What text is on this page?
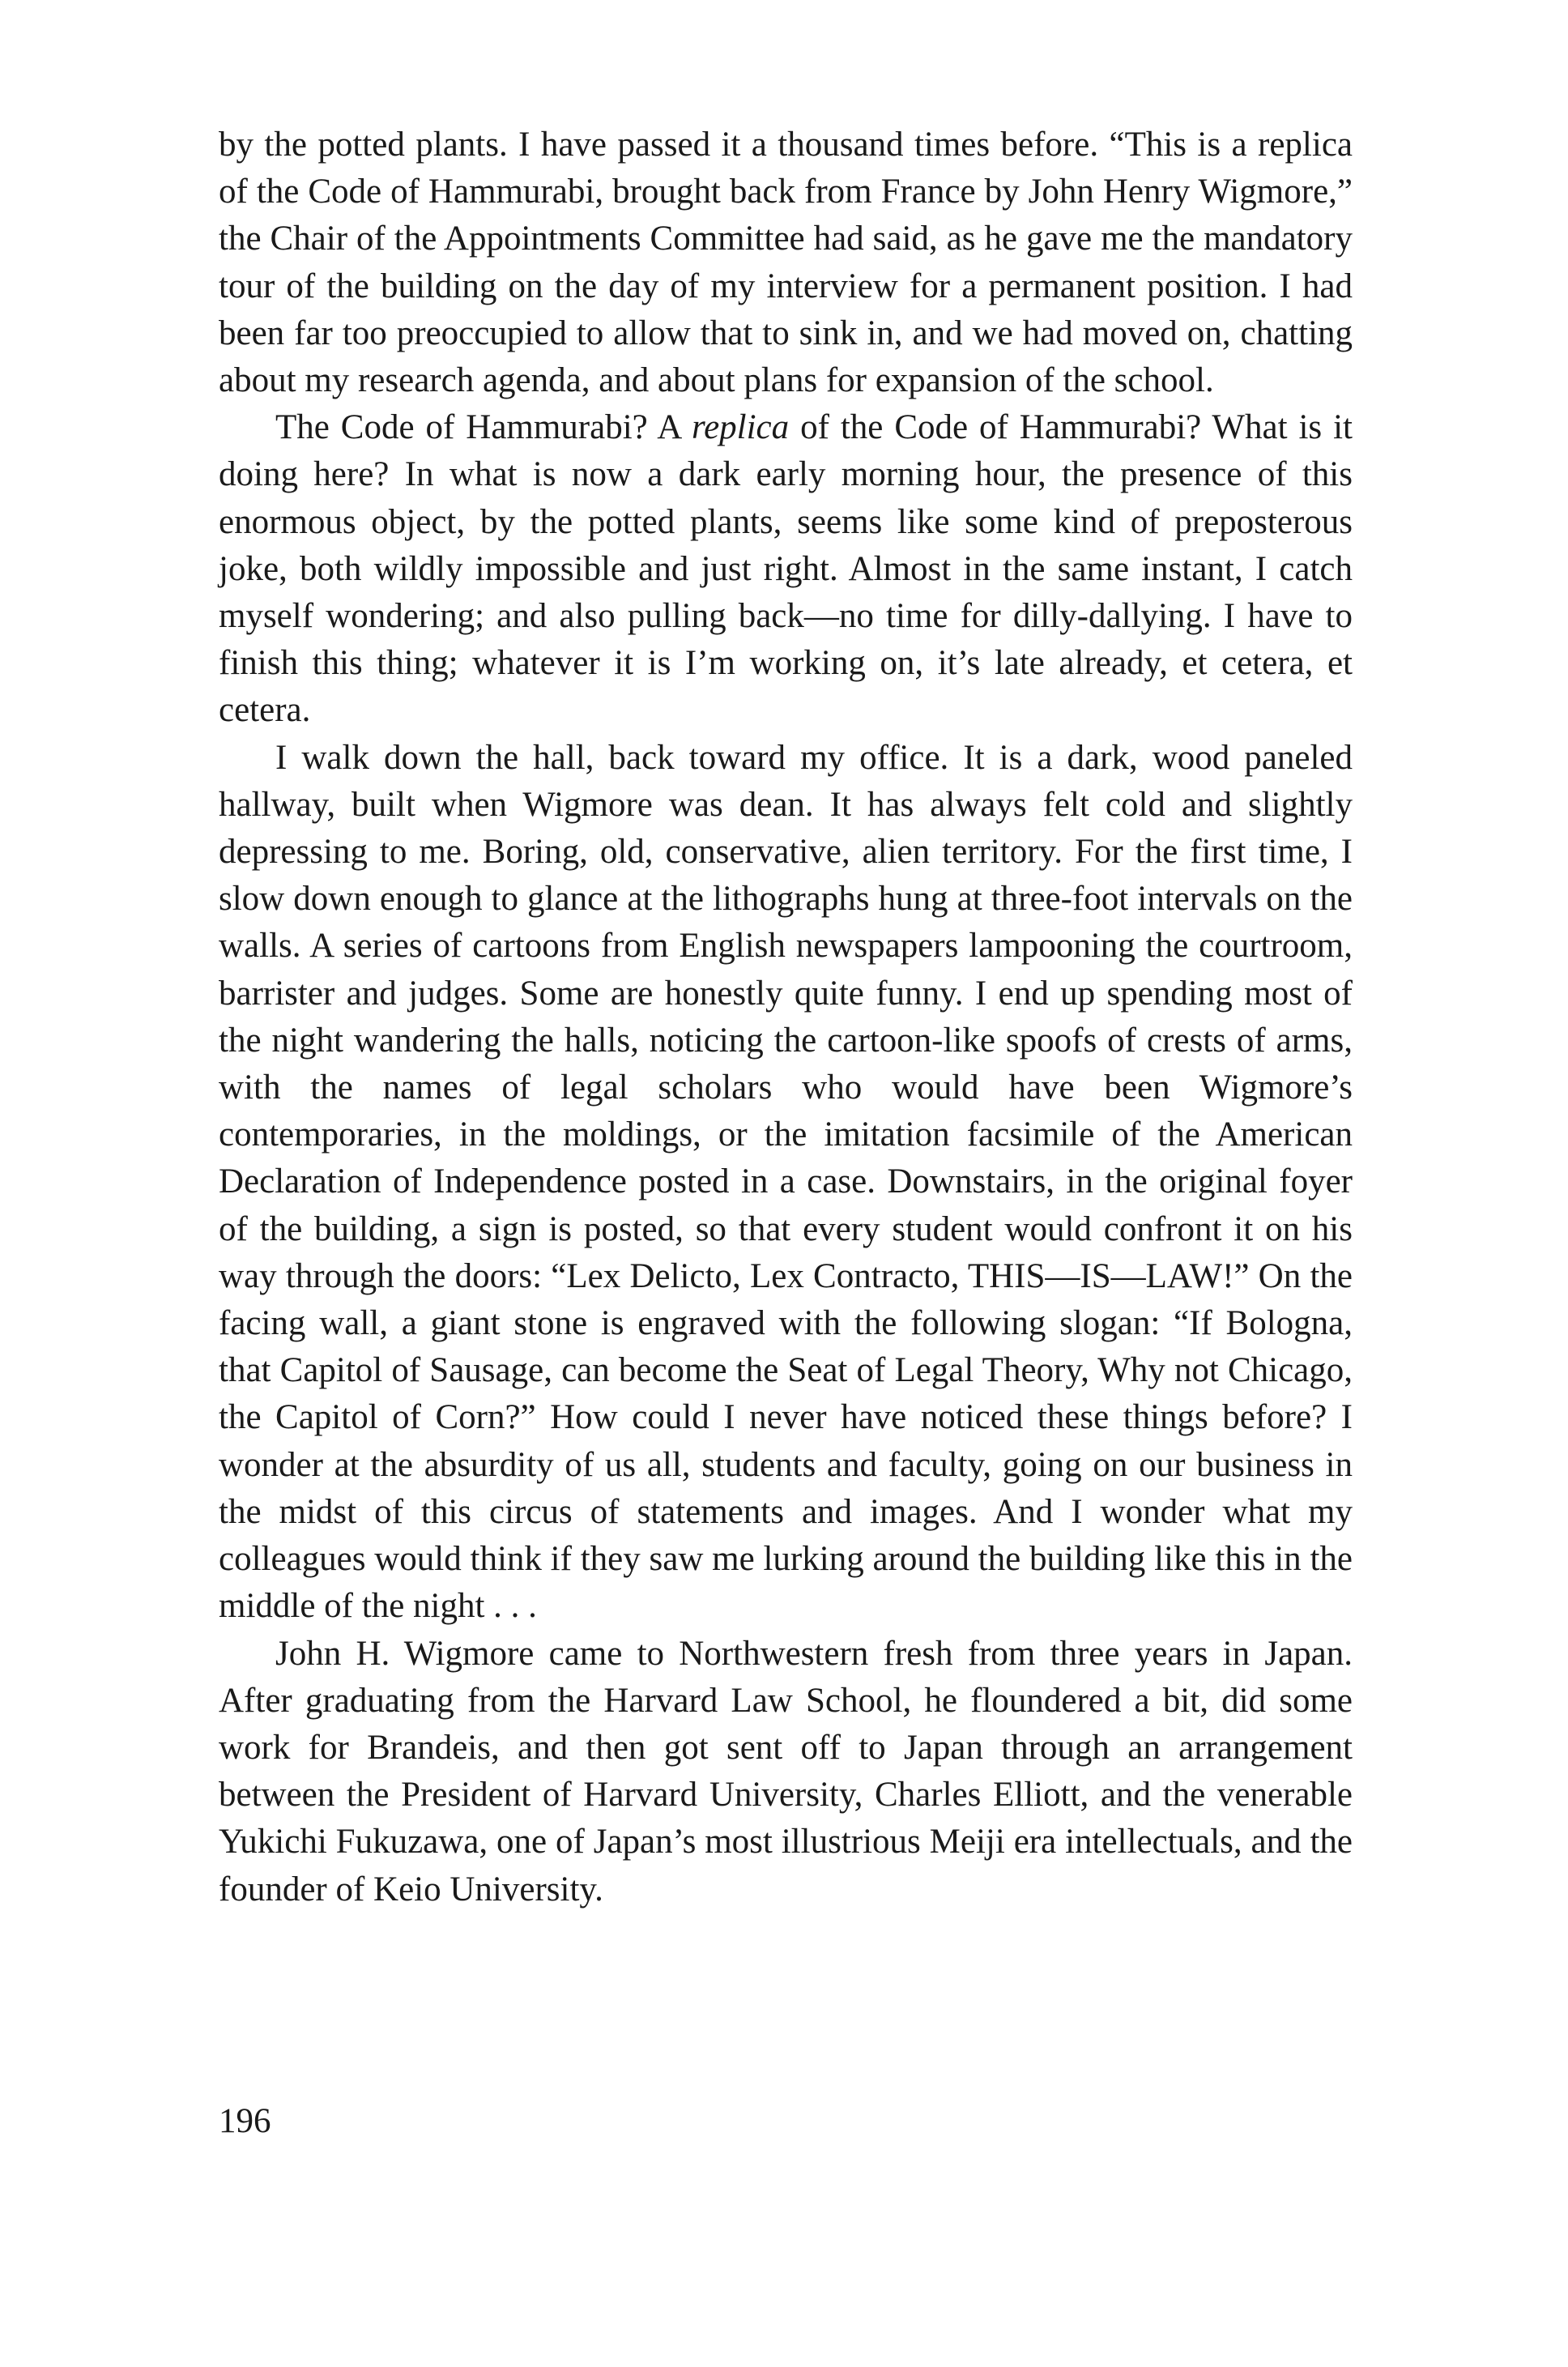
by the potted plants. I have passed it a thousand times before. “This is a replica of the Code of Hammurabi, brought back from France by John Henry Wigmore,” the Chair of the Appointments Committee had said, as he gave me the mandatory tour of the building on the day of my interview for a permanent position. I had been far too preoccupied to allow that to sink in, and we had moved on, chatting about my research agenda, and about plans for expansion of the school.

The Code of Hammurabi? A replica of the Code of Hammurabi? What is it doing here? In what is now a dark early morning hour, the presence of this enormous object, by the potted plants, seems like some kind of preposterous joke, both wildly impossible and just right. Almost in the same instant, I catch myself wondering; and also pulling back—no time for dilly-dallying. I have to finish this thing; whatever it is I’m working on, it’s late already, et cetera, et cetera.

I walk down the hall, back toward my office. It is a dark, wood paneled hallway, built when Wigmore was dean. It has always felt cold and slightly depressing to me. Boring, old, conservative, alien territory. For the first time, I slow down enough to glance at the lithographs hung at three-foot intervals on the walls. A series of cartoons from English newspapers lampooning the courtroom, barrister and judges. Some are honestly quite funny. I end up spending most of the night wandering the halls, noticing the cartoon-like spoofs of crests of arms, with the names of legal scholars who would have been Wigmore’s contemporaries, in the moldings, or the imitation facsimile of the American Declaration of Independence posted in a case. Downstairs, in the original foyer of the building, a sign is posted, so that every student would confront it on his way through the doors: “Lex Delicto, Lex Contracto, THIS—IS—LAW!” On the facing wall, a giant stone is engraved with the following slogan: “If Bologna, that Capitol of Sausage, can become the Seat of Legal Theory, Why not Chicago, the Capitol of Corn?” How could I never have noticed these things before? I wonder at the absurdity of us all, students and faculty, going on our business in the midst of this circus of statements and images. And I wonder what my colleagues would think if they saw me lurking around the building like this in the middle of the night . . .

John H. Wigmore came to Northwestern fresh from three years in Japan. After graduating from the Harvard Law School, he floundered a bit, did some work for Brandeis, and then got sent off to Japan through an arrangement between the President of Harvard University, Charles Elliott, and the venerable Yukichi Fukuzawa, one of Japan’s most illustrious Meiji era intellectuals, and the founder of Keio University.

196
